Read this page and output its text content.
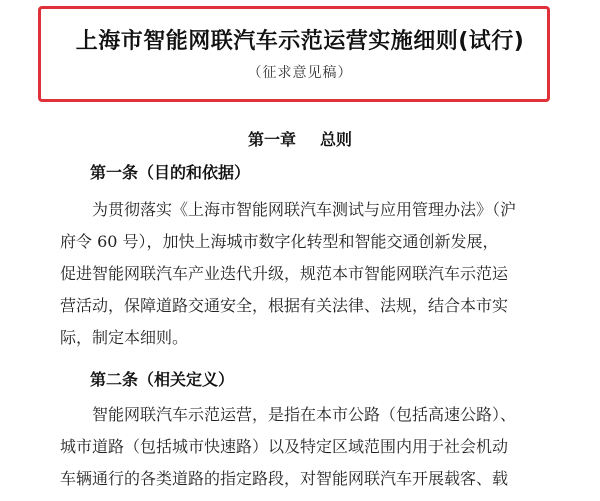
上海市智能网联汽车示范运营实施细则(试行)
（征求意见稿）
第一章 总则
第一条（目的和依据）
为贯彻落实《上海市智能网联汽车测试与应用管理办法》（沪
府令 60 号），加快上海城市数字化转型和智能交通创新发展，
促进智能网联汽车产业迭代升级，规范本市智能网联汽车示范运
营活动，保障道路交通安全，根据有关法律、法规，结合本市实
际，制定本细则。
第二条（相关定义）
智能网联汽车示范运营，是指在本市公路（包括高速公路）、
城市道路（包括城市快速路）以及特定区域范围内用于社会机动
车辆通行的各类道路的指定路段，对智能网联汽车开展载客、载
